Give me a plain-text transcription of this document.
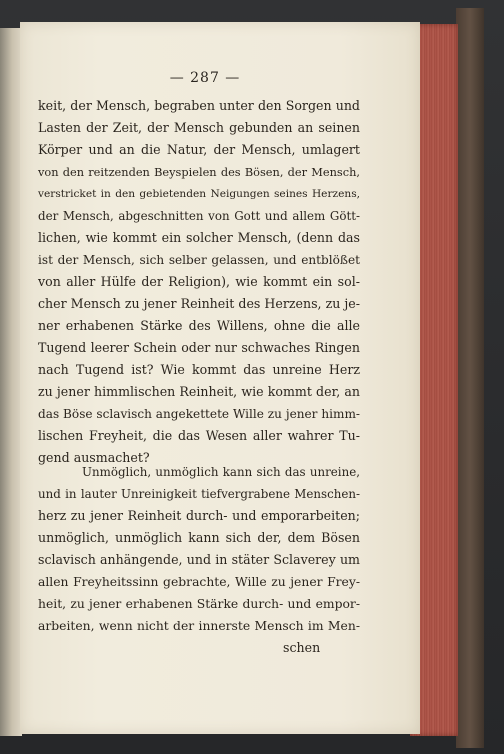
— 287 —
keit, der Mensch, begraben unter den Sorgen und
Lasten der Zeit, der Mensch gebunden an seinen
Körper und an die Natur, der Mensch, umlagert
von den reitzenden Beyspielen des Bösen, der Mensch,
verstricket in den gebietenden Neigungen seines Herzens,
der Mensch, abgeschnitten von Gott und allem Gött-
lichen, wie kommt ein solcher Mensch, (denn das
ist der Mensch, sich selber gelassen, und entblößet
von aller Hülfe der Religion), wie kommt ein sol-
cher Mensch zu jener Reinheit des Herzens, zu je-
ner erhabenen Stärke des Willens, ohne die alle
Tugend leerer Schein oder nur schwaches Ringen
nach Tugend ist? Wie kommt das unreine Herz
zu jener himmlischen Reinheit, wie kommt der, an
das Böse sclavisch angekettete Wille zu jener himm-
lischen Freyheit, die das Wesen aller wahrer Tu-
gend ausmachet?
Unmöglich, unmöglich kann sich das unreine,
und in lauter Unreinigkeit tiefvergrabene Menschen-
herz zu jener Reinheit durch- und emporarbeiten;
unmöglich, unmöglich kann sich der, dem Bösen
sclavisch anhängende, und in stäter Sclaverey um
allen Freyheitssinn gebrachte, Wille zu jener Frey-
heit, zu jener erhabenen Stärke durch- und empor-
arbeiten, wenn nicht der innerste Mensch im Men-
schen
